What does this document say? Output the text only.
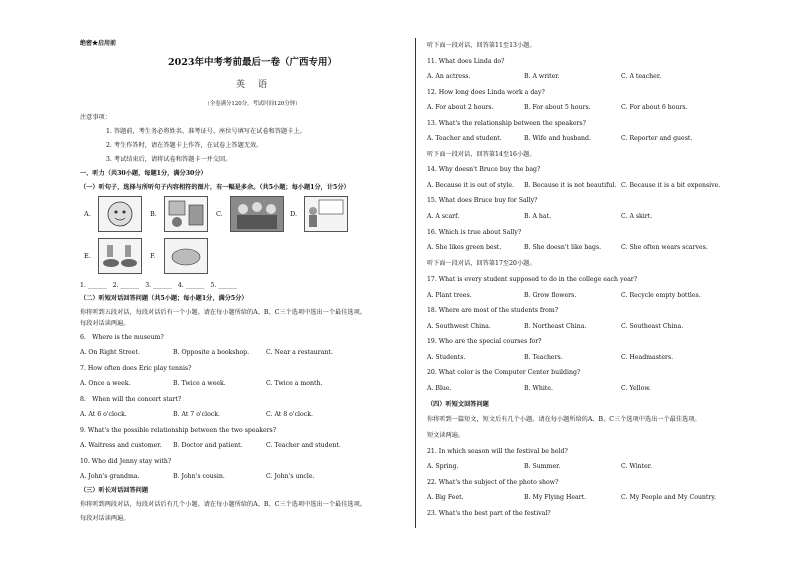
绝密★启用前
2023年中考考前最后一卷（广西专用）
英　语
（全卷满分120分，考试时间120分钟）
注意事项：
1. 答题前，考生务必将姓名、准考证号、座位号填写在试卷和答题卡上。
2. 考生作答时，请在答题卡上作答，在试卷上答题无效。
3. 考试结束后，请将试卷和答题卡一并交回。
一、听力（共30小题，每题1分，满分30分）
（一）听句子，选择与所听句子内容相符的图片，有一幅是多余。（共5小题；每小题1分，计5分）
A.	B.	C.	D.
E.	F.
1. ______　2. ______　3. ______　4. ______　5. ______
（二）听短对话回答问题（共5小题；每小题1分，满分5分）
你将听到五段对话，每段对话后有一个小题。请在每小题所给的A、B、C三个选项中选出一个最佳选项。
每段对话读两遍。
6.　Where is the museum?
A. On Right Street.	B. Opposite a bookshop.	C. Near a restaurant.
7. How often does Eric play tennis?
A. Once a week.	B. Twice a week.	C. Twice a month.
8.　When will the concert start?
A. At 6 o'clock.	B. At 7 o'clock.	C. At 8 o'clock.
9. What's the possible relationship between the two speakers?
A. Waitress and customer. B. Doctor and patient.	C. Teacher and student.
10. Who did Jenny stay with?
A. John's grandma.	B. John's cousin.	C. John's uncle.
（三）听长对话回答问题
你将听到两段对话，每段对话后有几个小题。请在每小题所给的A、B、C三个选项中选出一个最佳选项。
每段对话读两遍。
听下面一段对话，回答第11至13小题。
11. What does Linda do?
A. An actress.	B. A writer.	C. A teacher.
12. How long does Linda work a day?
A. For about 2 hours.	B. For about 5 hours.	C. For about 6 hours.
13. What's the relationship between the speakers?
A. Teacher and student.	B. Wife and husband.	C. Reporter and guest.
听下面一段对话，回答第14至16小题。
14. Why doesn't Bruce buy the bag?
A. Because it is out of style. B. Because it is not beautiful. C. Because it is a bit expensive.
15. What does Bruce buy for Sally?
A. A scarf.	B. A hat.	C. A skirt.
16. Which is true about Sally?
A. She likes green best.	B. She doesn't like bags.	C. She often wears scarves.
听下面一段对话，回答第17至20小题。
17. What is every student supposed to do in the college each year?
A. Plant trees.	B. Grow flowers.	C. Recycle empty bottles.
18. Where are most of the students from?
A. Southwest China.	B. Northeast China.	C. Southeast China.
19. Who are the special courses for?
A. Students.	B. Teachers.	C. Headmasters.
20. What color is the Computer Center building?
A. Blue.	B. White.	C. Yellow.
（四）听短文回答问题
你将听到一篇短文，短文后有几个小题。请在每小题所给的A、B、C三个选项中选出一个最佳选项。
短文读两遍。
21. In which season will the festival be held?
A. Spring.	B. Summer.	C. Winter.
22. What's the subject of the photo show?
A. Big Feet.	B. My Flying Heart.	C. My People and My Country.
23. What's the best part of the festival?
